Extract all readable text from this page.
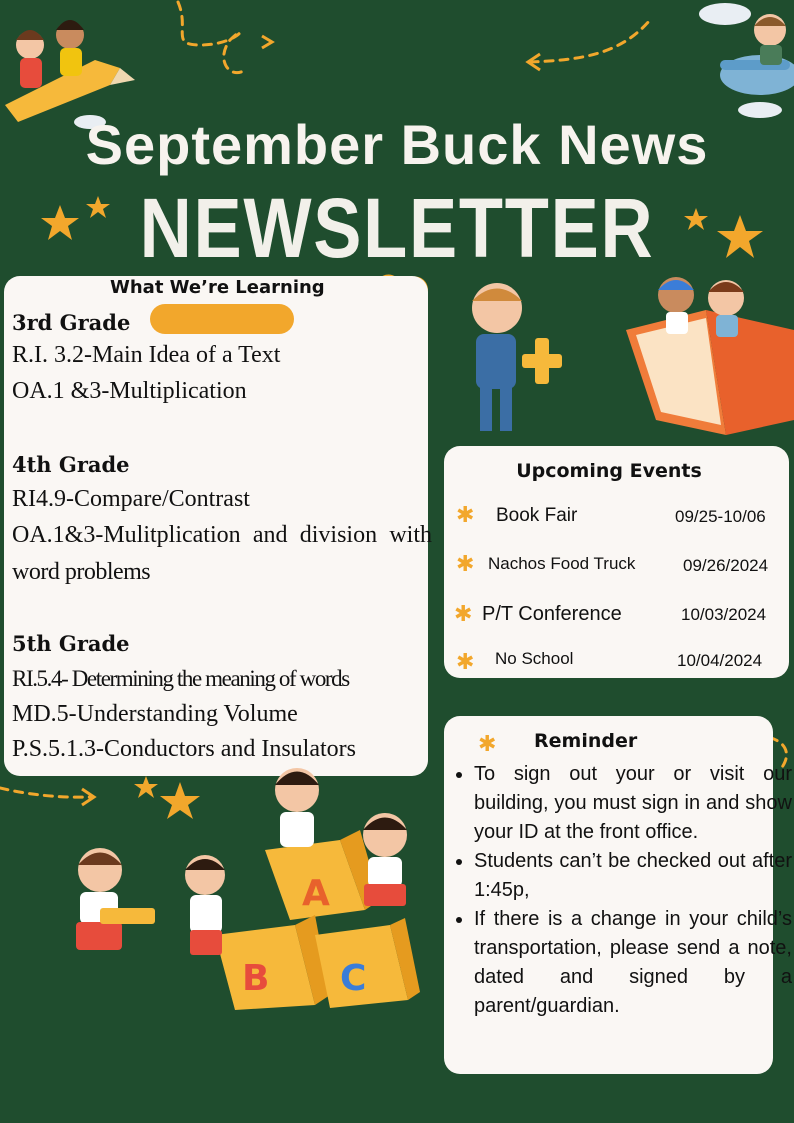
September Buck News
NEWSLETTER
What We’re Learning
3rd Grade
R.I. 3.2-Main Idea of a Text
OA.1 &3-Multiplication
4th Grade
RI4.9-Compare/Contrast
OA.1&3-Mulitplication and division with
word problems
5th Grade
RI.5.4- Determining the meaning of words
MD.5-Understanding Volume
P.S.5.1.3-Conductors and Insulators
+
Upcoming Events
✱ Book Fair	09/25-10/06
✱ Nachos Food Truck	09/26/2024
✱ P/T Conference	10/03/2024
✱ No School	10/04/2024
✱ Reminder
• To sign out your or visit our building, you must sign in and show your ID at the front office.
• Students can’t be checked out after 1:45p,
• If there is a change in your child’s transportation, please send a note, dated and signed by a parent/guardian.
A
B C
